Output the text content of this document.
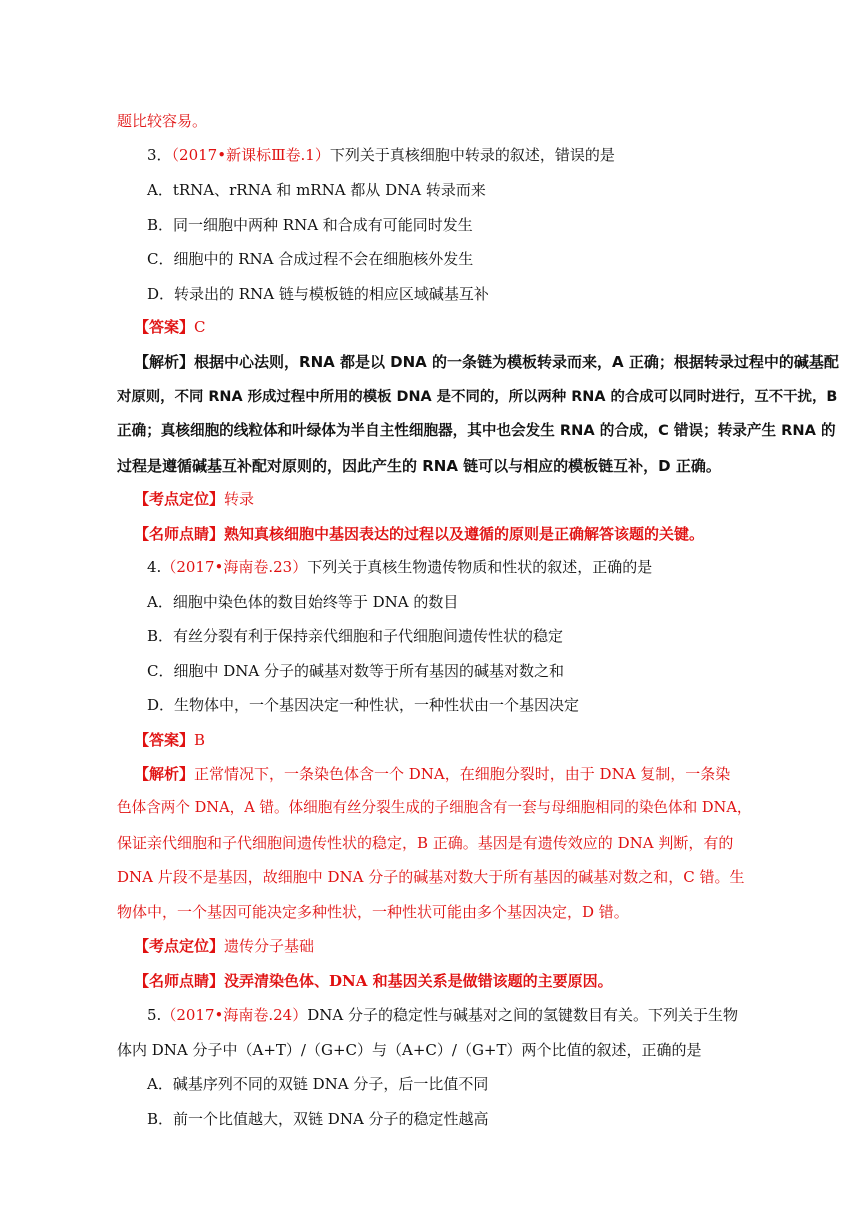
题比较容易。
3．（2017•新课标Ⅲ卷.1）下列关于真核细胞中转录的叙述，错误的是
A．tRNA、rRNA 和 mRNA 都从 DNA 转录而来
B．同一细胞中两种 RNA 和合成有可能同时发生
C．细胞中的 RNA 合成过程不会在细胞核外发生
D．转录出的 RNA 链与模板链的相应区域碱基互补
【答案】C
【解析】根据中心法则，RNA 都是以 DNA 的一条链为模板转录而来，A 正确；根据转录过程中的碱基配
对原则，不同 RNA 形成过程中所用的模板 DNA 是不同的，所以两种 RNA 的合成可以同时进行，互不干扰，B
正确；真核细胞的线粒体和叶绿体为半自主性细胞器，其中也会发生 RNA 的合成，C 错误；转录产生 RNA 的
过程是遵循碱基互补配对原则的，因此产生的 RNA 链可以与相应的模板链互补，D 正确。
【考点定位】转录
【名师点睛】熟知真核细胞中基因表达的过程以及遵循的原则是正确解答该题的关键。
4.（2017•海南卷.23）下列关于真核生物遗传物质和性状的叙述，正确的是
A．细胞中染色体的数目始终等于 DNA 的数目
B．有丝分裂有利于保持亲代细胞和子代细胞间遗传性状的稳定
C．细胞中 DNA 分子的碱基对数等于所有基因的碱基对数之和
D．生物体中，一个基因决定一种性状，一种性状由一个基因决定
【答案】B
【解析】正常情况下，一条染色体含一个 DNA，在细胞分裂时，由于 DNA 复制，一条染
色体含两个 DNA，A 错。体细胞有丝分裂生成的子细胞含有一套与母细胞相同的染色体和 DNA，
保证亲代细胞和子代细胞间遗传性状的稳定，B 正确。基因是有遗传效应的 DNA 判断，有的
DNA 片段不是基因，故细胞中 DNA 分子的碱基对数大于所有基因的碱基对数之和，C 错。生
物体中，一个基因可能决定多种性状，一种性状可能由多个基因决定，D 错。
【考点定位】遗传分子基础
【名师点睛】没弄清染色体、DNA 和基因关系是做错该题的主要原因。
5.（2017•海南卷.24）DNA 分子的稳定性与碱基对之间的氢键数目有关。下列关于生物
体内 DNA 分子中（A+T）/（G+C）与（A+C）/（G+T）两个比值的叙述，正确的是
A．碱基序列不同的双链 DNA 分子，后一比值不同
B．前一个比值越大，双链 DNA 分子的稳定性越高
